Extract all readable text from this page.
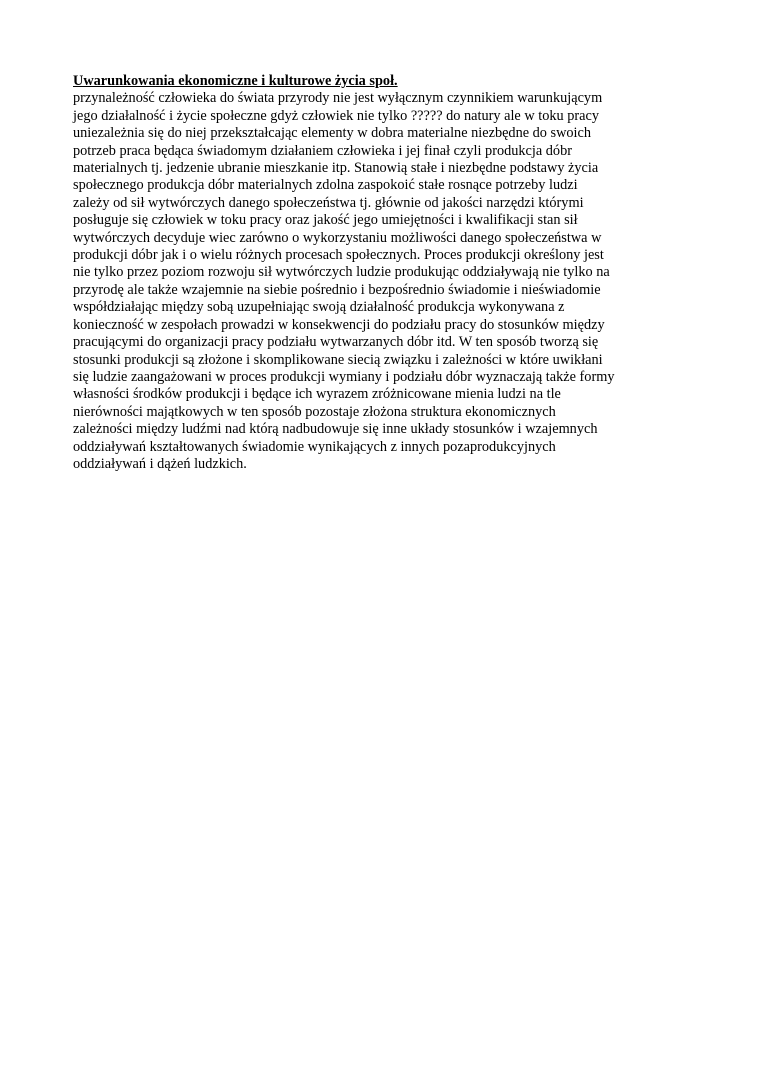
Uwarunkowania ekonomiczne i kulturowe życia społ.
przynależność człowieka do świata przyrody nie jest wyłącznym czynnikiem warunkującym
jego działalność i życie społeczne gdyż człowiek nie tylko ????? do natury ale w toku pracy
uniezależnia się do niej przekształcając elementy w dobra materialne niezbędne do swoich
potrzeb praca będąca świadomym działaniem człowieka i jej finał czyli produkcja dóbr
materialnych tj. jedzenie ubranie mieszkanie itp. Stanowią stałe i niezbędne podstawy życia
społecznego produkcja dóbr materialnych zdolna zaspokoić stałe rosnące potrzeby ludzi
zależy od sił wytwórczych danego społeczeństwa tj. głównie od jakości narzędzi którymi
posługuje się człowiek w toku pracy oraz jakość jego umiejętności i kwalifikacji stan sił
wytwórczych decyduje wiec zarówno o wykorzystaniu możliwości danego społeczeństwa w
produkcji dóbr jak i o wielu różnych procesach społecznych. Proces produkcji określony jest
nie tylko przez poziom rozwoju sił wytwórczych ludzie produkując oddziaływają nie tylko na
przyrodę ale także wzajemnie na siebie pośrednio i bezpośrednio świadomie i nieświadomie
współdziałając między sobą uzupełniając swoją działalność produkcja wykonywana z
konieczność w zespołach prowadzi w konsekwencji do podziału pracy do stosunków między
pracującymi do organizacji pracy podziału wytwarzanych dóbr itd. W ten sposób tworzą się
stosunki produkcji są złożone i skomplikowane siecią związku i zależności w które uwikłani
się ludzie zaangażowani w proces produkcji wymiany i podziału dóbr wyznaczają także formy
własności środków produkcji i będące ich wyrazem zróżnicowane mienia ludzi na tle
nierówności majątkowych w ten sposób pozostaje złożona struktura ekonomicznych
zależności między ludźmi nad którą nadbudowuje się inne układy stosunków i wzajemnych
oddziaływań kształtowanych świadomie wynikających z innych pozaprodukcyjnych
oddziaływań i dążeń ludzkich.
